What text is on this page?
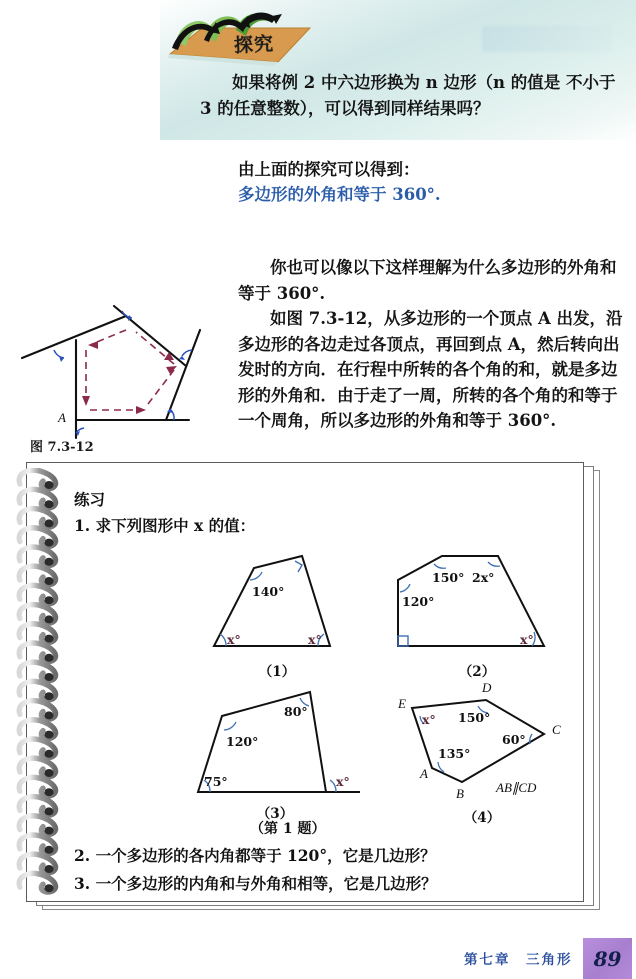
探究
如果将例 2 中六边形换为 n 边形（n 的值是 不小于 3 的任意整数），可以得到同样结果吗？
由上面的探究可以得到：
多边形的外角和等于 360°.
你也可以像以下这样理解为什么多边形的外角和等于 360°.
如图 7.3-12，从多边形的一个顶点 A 出发，沿多边形的各边走过各顶点，再回到点 A，然后转向出发时的方向．在行程中所转的各个角的和，就是多边形的外角和．由于走了一周，所转的各个角的和等于一个周角，所以多边形的外角和等于 360°.
A
图 7.3-12
练习
1. 求下列图形中 x 的值：
140°
x°	x°
（1）
120°
150° 2x°
x°
（2）
120°
80°
75°	x°
（3）
E
D
C
B
A
x° 150°
60°
135°
AB∥CD
（4）
（第 1 题）
2. 一个多边形的各内角都等于 120°，它是几边形？
3. 一个多边形的内角和与外角和相等，它是几边形？
第七章　三角形	89
